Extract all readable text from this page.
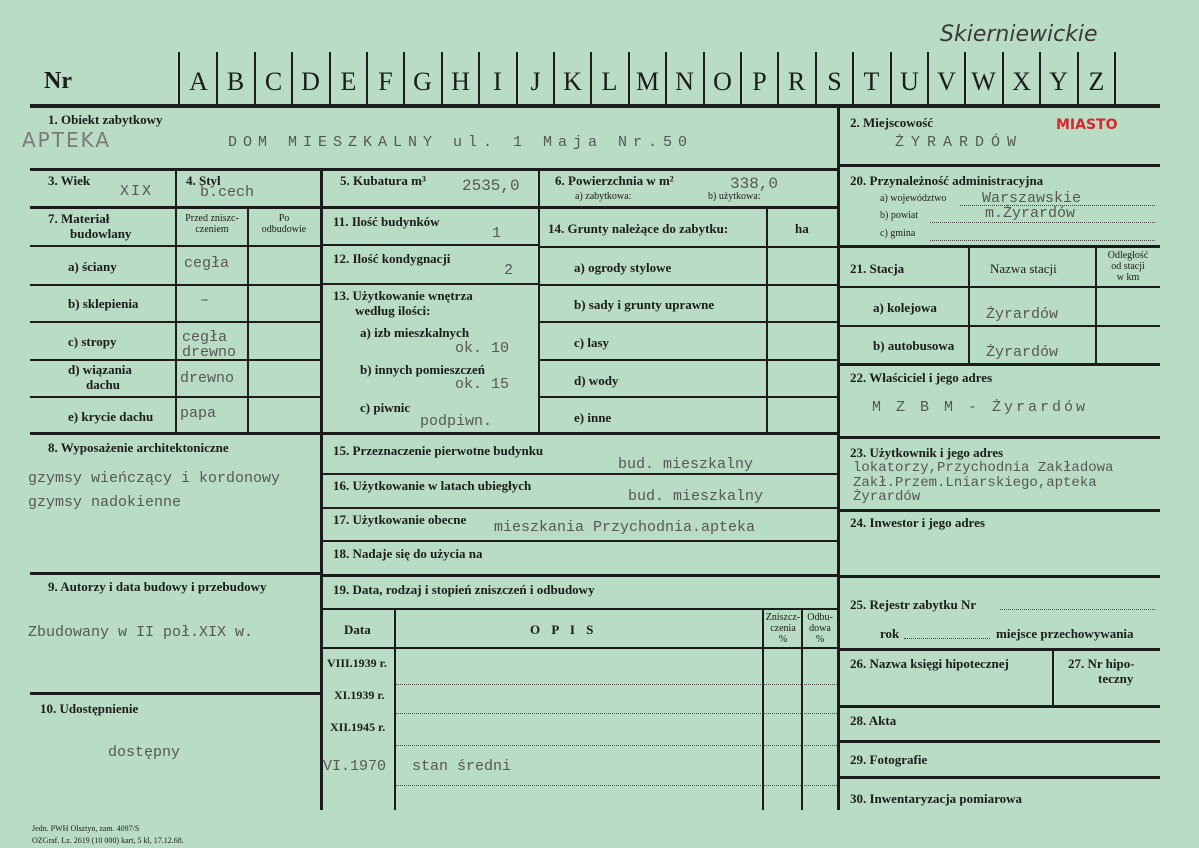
Nr
Skierniewickie
A B C D E F G H I	J K L M N O P R S T U V W X Y Z
1. Obiekt zabytkowy
APTEKA	DOM MIESZKALNY ul. 1 Maja Nr.50
2. Miejscowość	MIASTO
ŻYRARDÓW
3. Wiek
XIX
4. Styl
b.cech
7. Materiał
budowlany
Przed zniszc-
czeniem
Po
odbudowie
a) ściany	cegła
b) sklepienia	–
c) stropy	cegła
drewno
d) wiązania
dachu	drewno
e) krycie dachu papa
8. Wyposażenie architektoniczne
gzymsy wieńczący i kordonowy
gzymsy nadokienne
9. Autorzy i data budowy i przebudowy
Zbudowany w II poł.XIX w.
10. Udostępnienie
dostępny
5. Kubatura m³ 2535,0	6. Powierzchnia w m²
a) zabytkowa:	b) użytkowa:
338,0
11. Ilość budynków
1
12. Ilość kondygnacji
2
13. Użytkowanie wnętrza
według ilości:
a) izb mieszkalnych
ok. 10
b) innych pomieszczeń
ok. 15
c) piwnic
podpiwn.
14. Grunty należące do zabytku:	ha
a) ogrody stylowe
b) sady i grunty uprawne
c) lasy
d) wody
e) inne
15. Przeznaczenie pierwotne budynku
bud. mieszkalny
16. Użytkowanie w latach ubiegłych
bud. mieszkalny
17. Użytkowanie obecne mieszkania Przychodnia.apteka
18. Nadaje się do użycia na
19. Data, rodzaj i stopień zniszczeń i odbudowy
Data	O P I S
Zniszcz-
czenia
%
Odbu-
dowa
%
VIII.1939 r.
XI.1939 r.
XII.1945 r.
VI.1970 stan średni
20. Przynależność administracyjna
a) województwo Warszawskie
b) powiat	m.Żyrardów
c) gmina
21. Stacja	Nazwa stacji
Odległość
od stacji
w km
a) kolejowa	Żyrardów
b) autobusowa Żyrardów
22. Właściciel i jego adres
M Z B M - Żyrardów
23. Użytkownik i jego adres
lokatorzy,Przychodnia Zakładowa
Zakł.Przem.Lniarskiego,apteka
Żyrardów
24. Inwestor i jego adres
25. Rejestr zabytku Nr
rok	miejsce przechowywania
26. Nazwa księgi hipotecznej	27. Nr hipo-
teczny
28. Akta
29. Fotografie
30. Inwentaryzacja pomiarowa
Jedn. PWH Olsztyn, zam. 4097/S
OZGraf. Lz. 2619 (10 000) kart, 5 kl, 17.12.68.
